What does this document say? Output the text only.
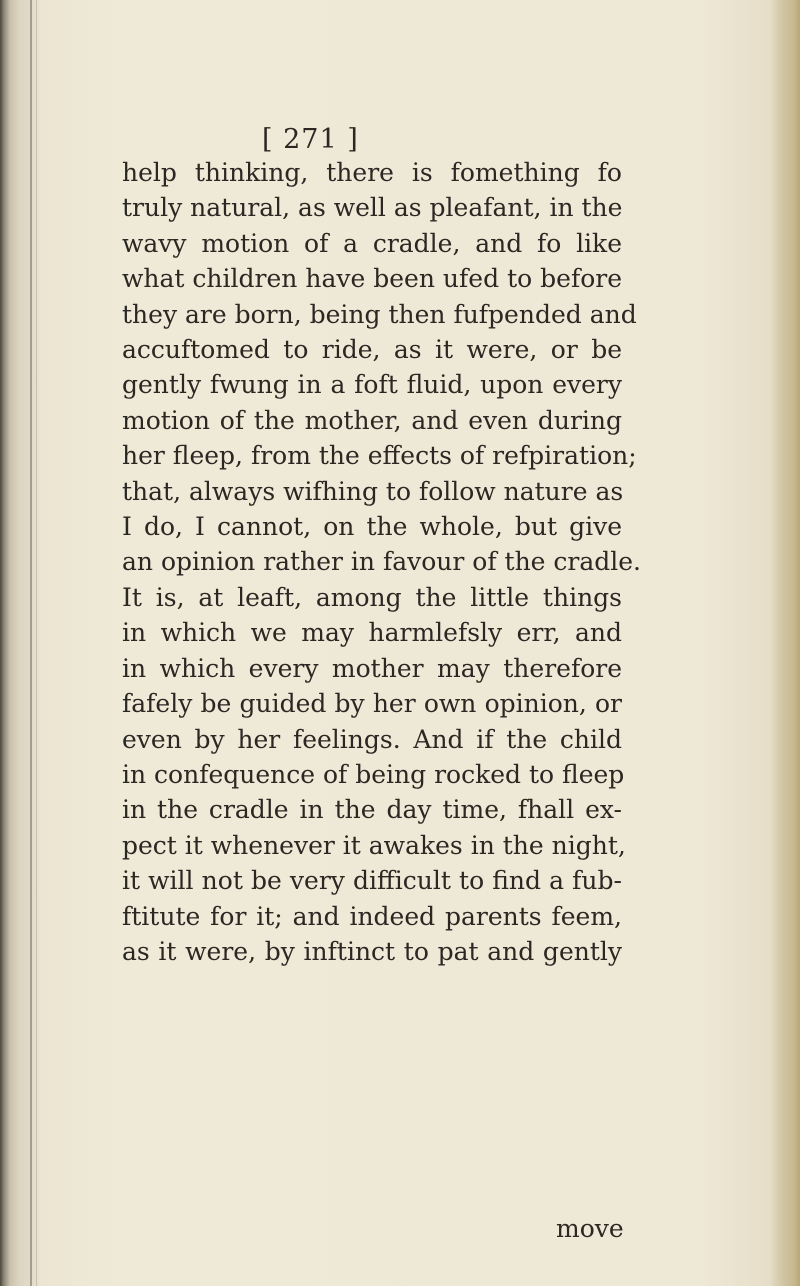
[ 271 ]
help thinking, there is fomething fo
truly natural, as well as pleafant, in the
wavy motion of a cradle, and fo like
what children have been ufed to before
they are born, being then fufpended and
accuftomed to ride, as it were, or be
gently fwung in a foft fluid, upon every
motion of the mother, and even during
her fleep, from the effects of refpiration;
that, always wifhing to follow nature as
I do, I cannot, on the whole, but give
an opinion rather in favour of the cradle.
It is, at leaft, among the little things
in which we may harmlefsly err, and
in which every mother may therefore
fafely be guided by her own opinion, or
even by her feelings. And if the child
in confequence of being rocked to fleep
in the cradle in the day time, fhall ex-
pect it whenever it awakes in the night,
it will not be very difficult to find a fub-
ftitute for it; and indeed parents feem,
as it were, by inftinct to pat and gently
move
